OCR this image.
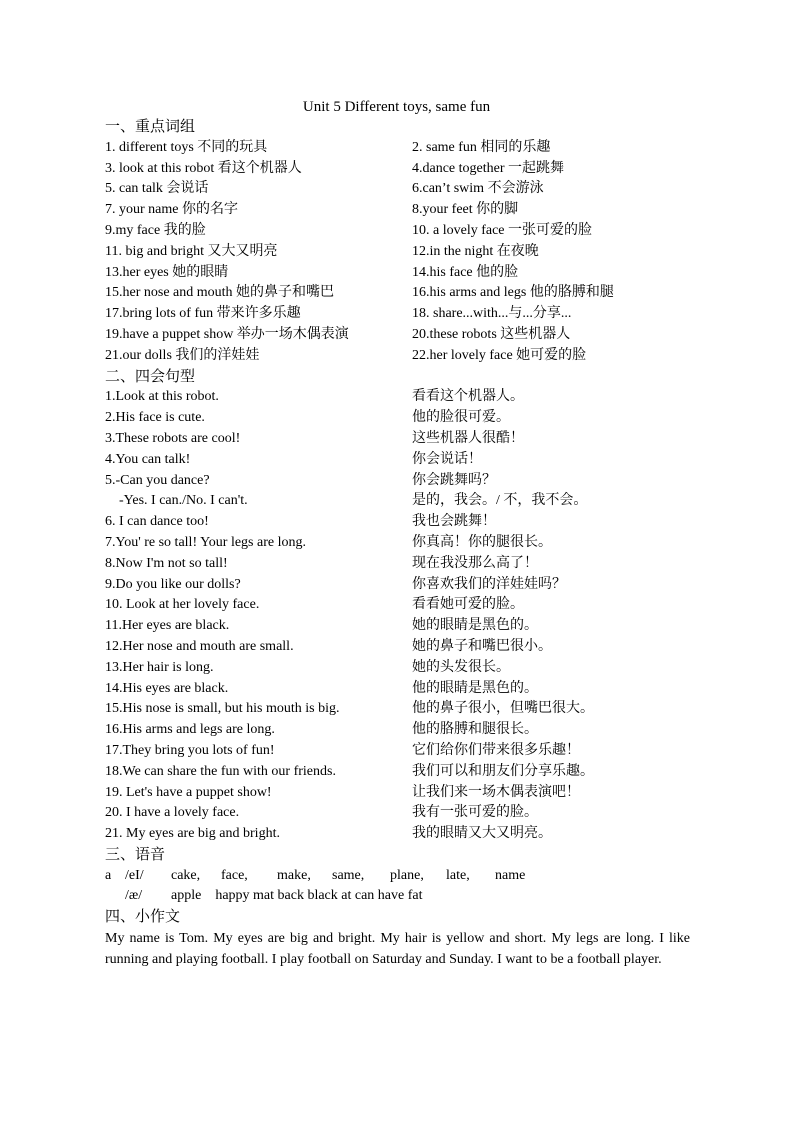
Unit 5 Different toys, same fun
一、重点词组
1. different toys 不同的玩具	2. same fun 相同的乐趣
3. look at this robot 看这个机器人	4.dance together 一起跳舞
5. can talk 会说话	6.can’t swim 不会游泳
7. your name 你的名字	8.your feet 你的脚
9.my face 我的脸	10. a lovely face 一张可爱的脸
11. big and bright 又大又明亮	12.in the night 在夜晚
13.her eyes 她的眼睛	14.his face 他的脸
15.her nose and mouth 她的鼻子和嘴巴	16.his arms and legs 他的胳膊和腿
17.bring lots of fun 带来许多乐趣	18. share...with...与...分享...
19.have a puppet show 举办一场木偶表演	20.these robots 这些机器人
21.our dolls 我们的洋娃娃	22.her lovely face 她可爱的脸
二、四会句型
1.Look at this robot.	看看这个机器人。
2.His face is cute.	他的脸很可爱。
3.These robots are cool!	这些机器人很酷！
4.You can talk!	你会说话！
5.-Can you dance?	你会跳舞吗？
-Yes. I can./No. I can't.	是的，我会。/ 不，我不会。
6. I can dance too!	我也会跳舞！
7.You' re so tall! Your legs are long.	你真高！你的腿很长。
8.Now I'm not so tall!	现在我没那么高了！
9.Do you like our dolls?	你喜欢我们的洋娃娃吗？
10. Look at her lovely face.	看看她可爱的脸。
11.Her eyes are black.	她的眼睛是黑色的。
12.Her nose and mouth are small.	她的鼻子和嘴巴很小。
13.Her hair is long.	她的头发很长。
14.His eyes are black.	他的眼睛是黑色的。
15.His nose is small, but his mouth is big.	他的鼻子很小，但嘴巴很大。
16.His arms and legs are long.	他的胳膊和腿很长。
17.They bring you lots of fun!	它们给你们带来很多乐趣！
18.We can share the fun with our friends.	我们可以和朋友们分享乐趣。
19. Let's have a puppet show!	让我们来一场木偶表演吧！
20. I have a lovely face.	我有一张可爱的脸。
21. My eyes are big and bright.	我的眼睛又大又明亮。
三、语音
a /eI/ cake, face, make, same, plane, late, name
/æ/ apple    happy mat back black at can have fat
四、小作文
My name is Tom. My eyes are big and bright. My hair is yellow and short. My legs are long. I like running and playing football. I play football on Saturday and Sunday. I want to be a football player.
